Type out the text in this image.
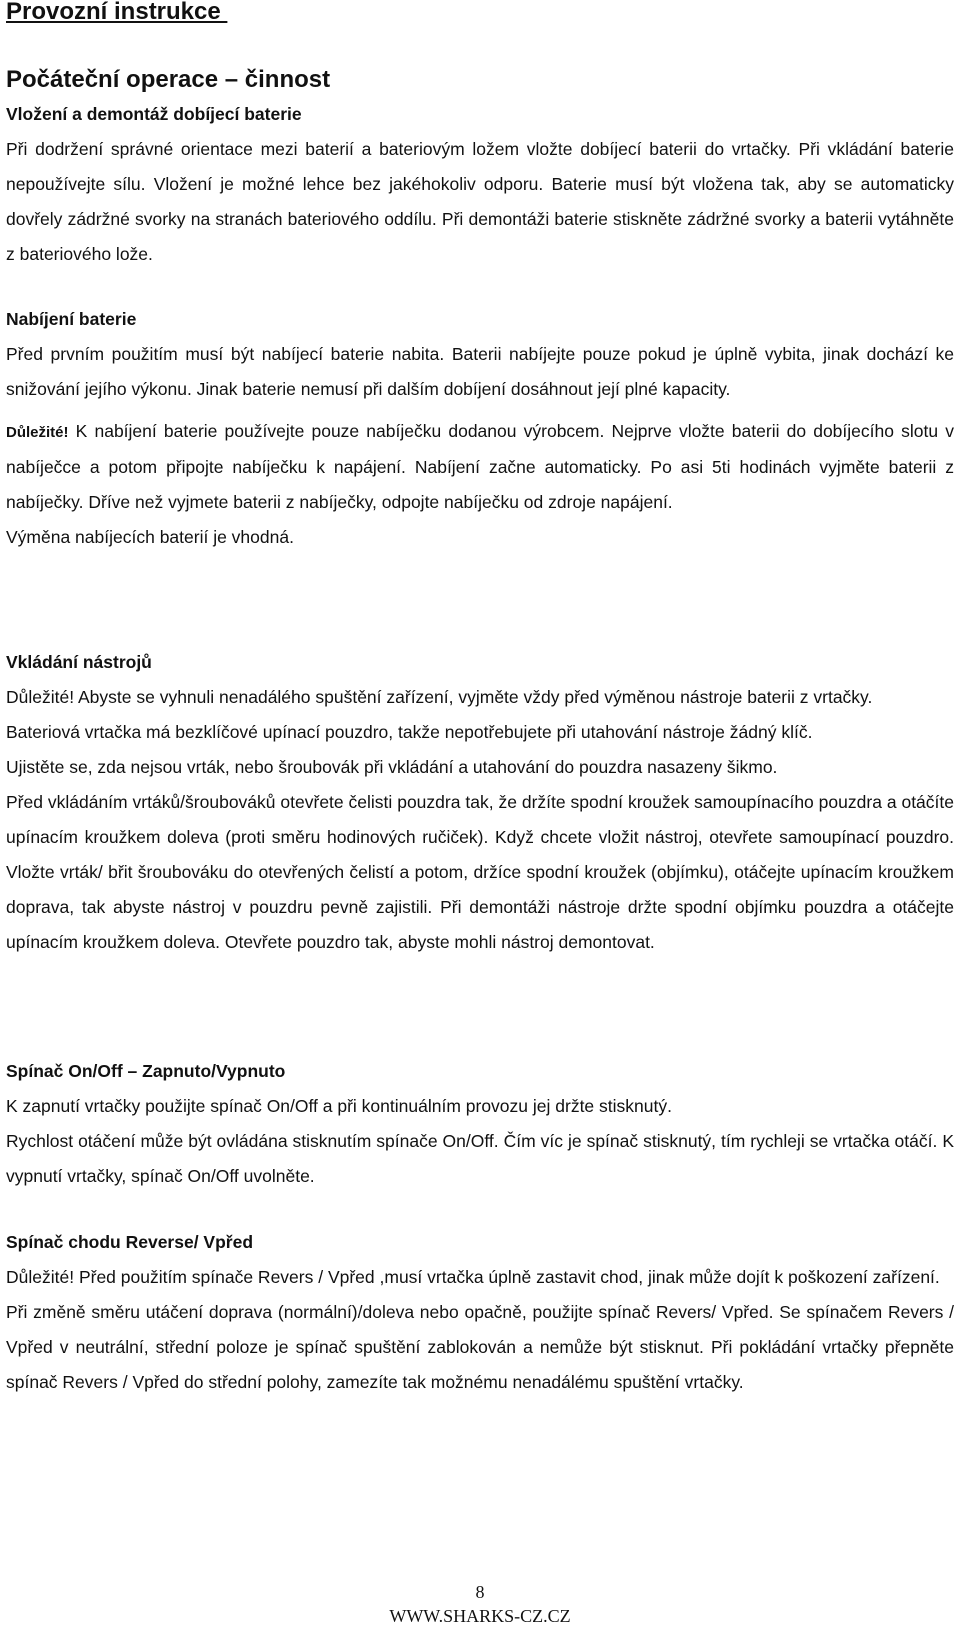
Provozní instrukce
Počáteční operace – činnost

Vložení a demontáž dobíjecí baterie

Při dodržení správné orientace mezi baterií a bateriovým ložem vložte dobíjecí baterii do vrtačky. Při vkládání baterie nepoužívejte sílu. Vložení je možné lehce bez jakéhokoliv odporu. Baterie musí být vložena tak, aby se automaticky dovřely zádržné svorky na stranách bateriového oddílu. Při demontáži baterie stiskněte zádržné svorky a baterii vytáhněte z bateriového lože.

Nabíjení baterie

Před prvním použitím musí být nabíjecí baterie nabita. Baterii nabíjejte pouze pokud je úplně vybita, jinak dochází ke snižování jejího výkonu. Jinak baterie nemusí při dalším dobíjení dosáhnout její plné kapacity.

Důležité! K nabíjení baterie používejte pouze nabíječku dodanou výrobcem. Nejprve vložte baterii do dobíjecího slotu v nabíječce a potom připojte nabíječku k napájení. Nabíjení začne automaticky. Po asi 5ti hodinách vyjměte baterii z nabíječky. Dříve než vyjmete baterii z nabíječky, odpojte nabíječku od zdroje napájení.

Výměna nabíjecích baterií je vhodná.

Vkládání nástrojů

Důležité! Abyste se vyhnuli nenadálého spuštění zařízení, vyjměte vždy před výměnou nástroje baterii z vrtačky.

Bateriová vrtačka má bezklíčové upínací pouzdro, takže nepotřebujete při utahování nástroje žádný klíč.

Ujistěte se, zda nejsou vrták, nebo šroubovák při vkládání a utahování do pouzdra nasazeny šikmo.

Před vkládáním vrtáků/šroubováků otevřete čelisti pouzdra tak, že držíte spodní kroužek samoupínacího pouzdra a otáčíte upínacím kroužkem doleva (proti směru hodinových ručiček). Když chcete vložit nástroj, otevřete samoupínací pouzdro. Vložte vrták/ břit šroubováku do otevřených čelistí a potom, držíce spodní kroužek (objímku), otáčejte upínacím kroužkem doprava, tak abyste nástroj v pouzdru pevně zajistili. Při demontáži nástroje držte spodní objímku pouzdra a otáčejte upínacím kroužkem doleva. Otevřete pouzdro tak, abyste mohli nástroj demontovat.

Spínač On/Off – Zapnuto/Vypnuto

K zapnutí vrtačky použijte spínač On/Off a při kontinuálním provozu jej držte stisknutý.

Rychlost otáčení může být ovládána stisknutím spínače On/Off. Čím víc je spínač stisknutý, tím rychleji se vrtačka otáčí. K vypnutí vrtačky, spínač On/Off uvolněte.

Spínač chodu Reverse/ Vpřed

Důležité! Před použitím spínače Revers / Vpřed ,musí vrtačka úplně zastavit chod, jinak může dojít k poškození zařízení.

Při změně směru utáčení doprava (normální)/doleva nebo opačně, použijte spínač Revers/ Vpřed. Se spínačem Revers / Vpřed v neutrální, střední poloze je spínač spuštění zablokován a nemůže být stisknut. Při pokládání vrtačky přepněte spínač Revers / Vpřed do střední polohy, zamezíte tak možnému nenadálému spuštění vrtačky.

8
WWW.SHARKS-CZ.CZ
